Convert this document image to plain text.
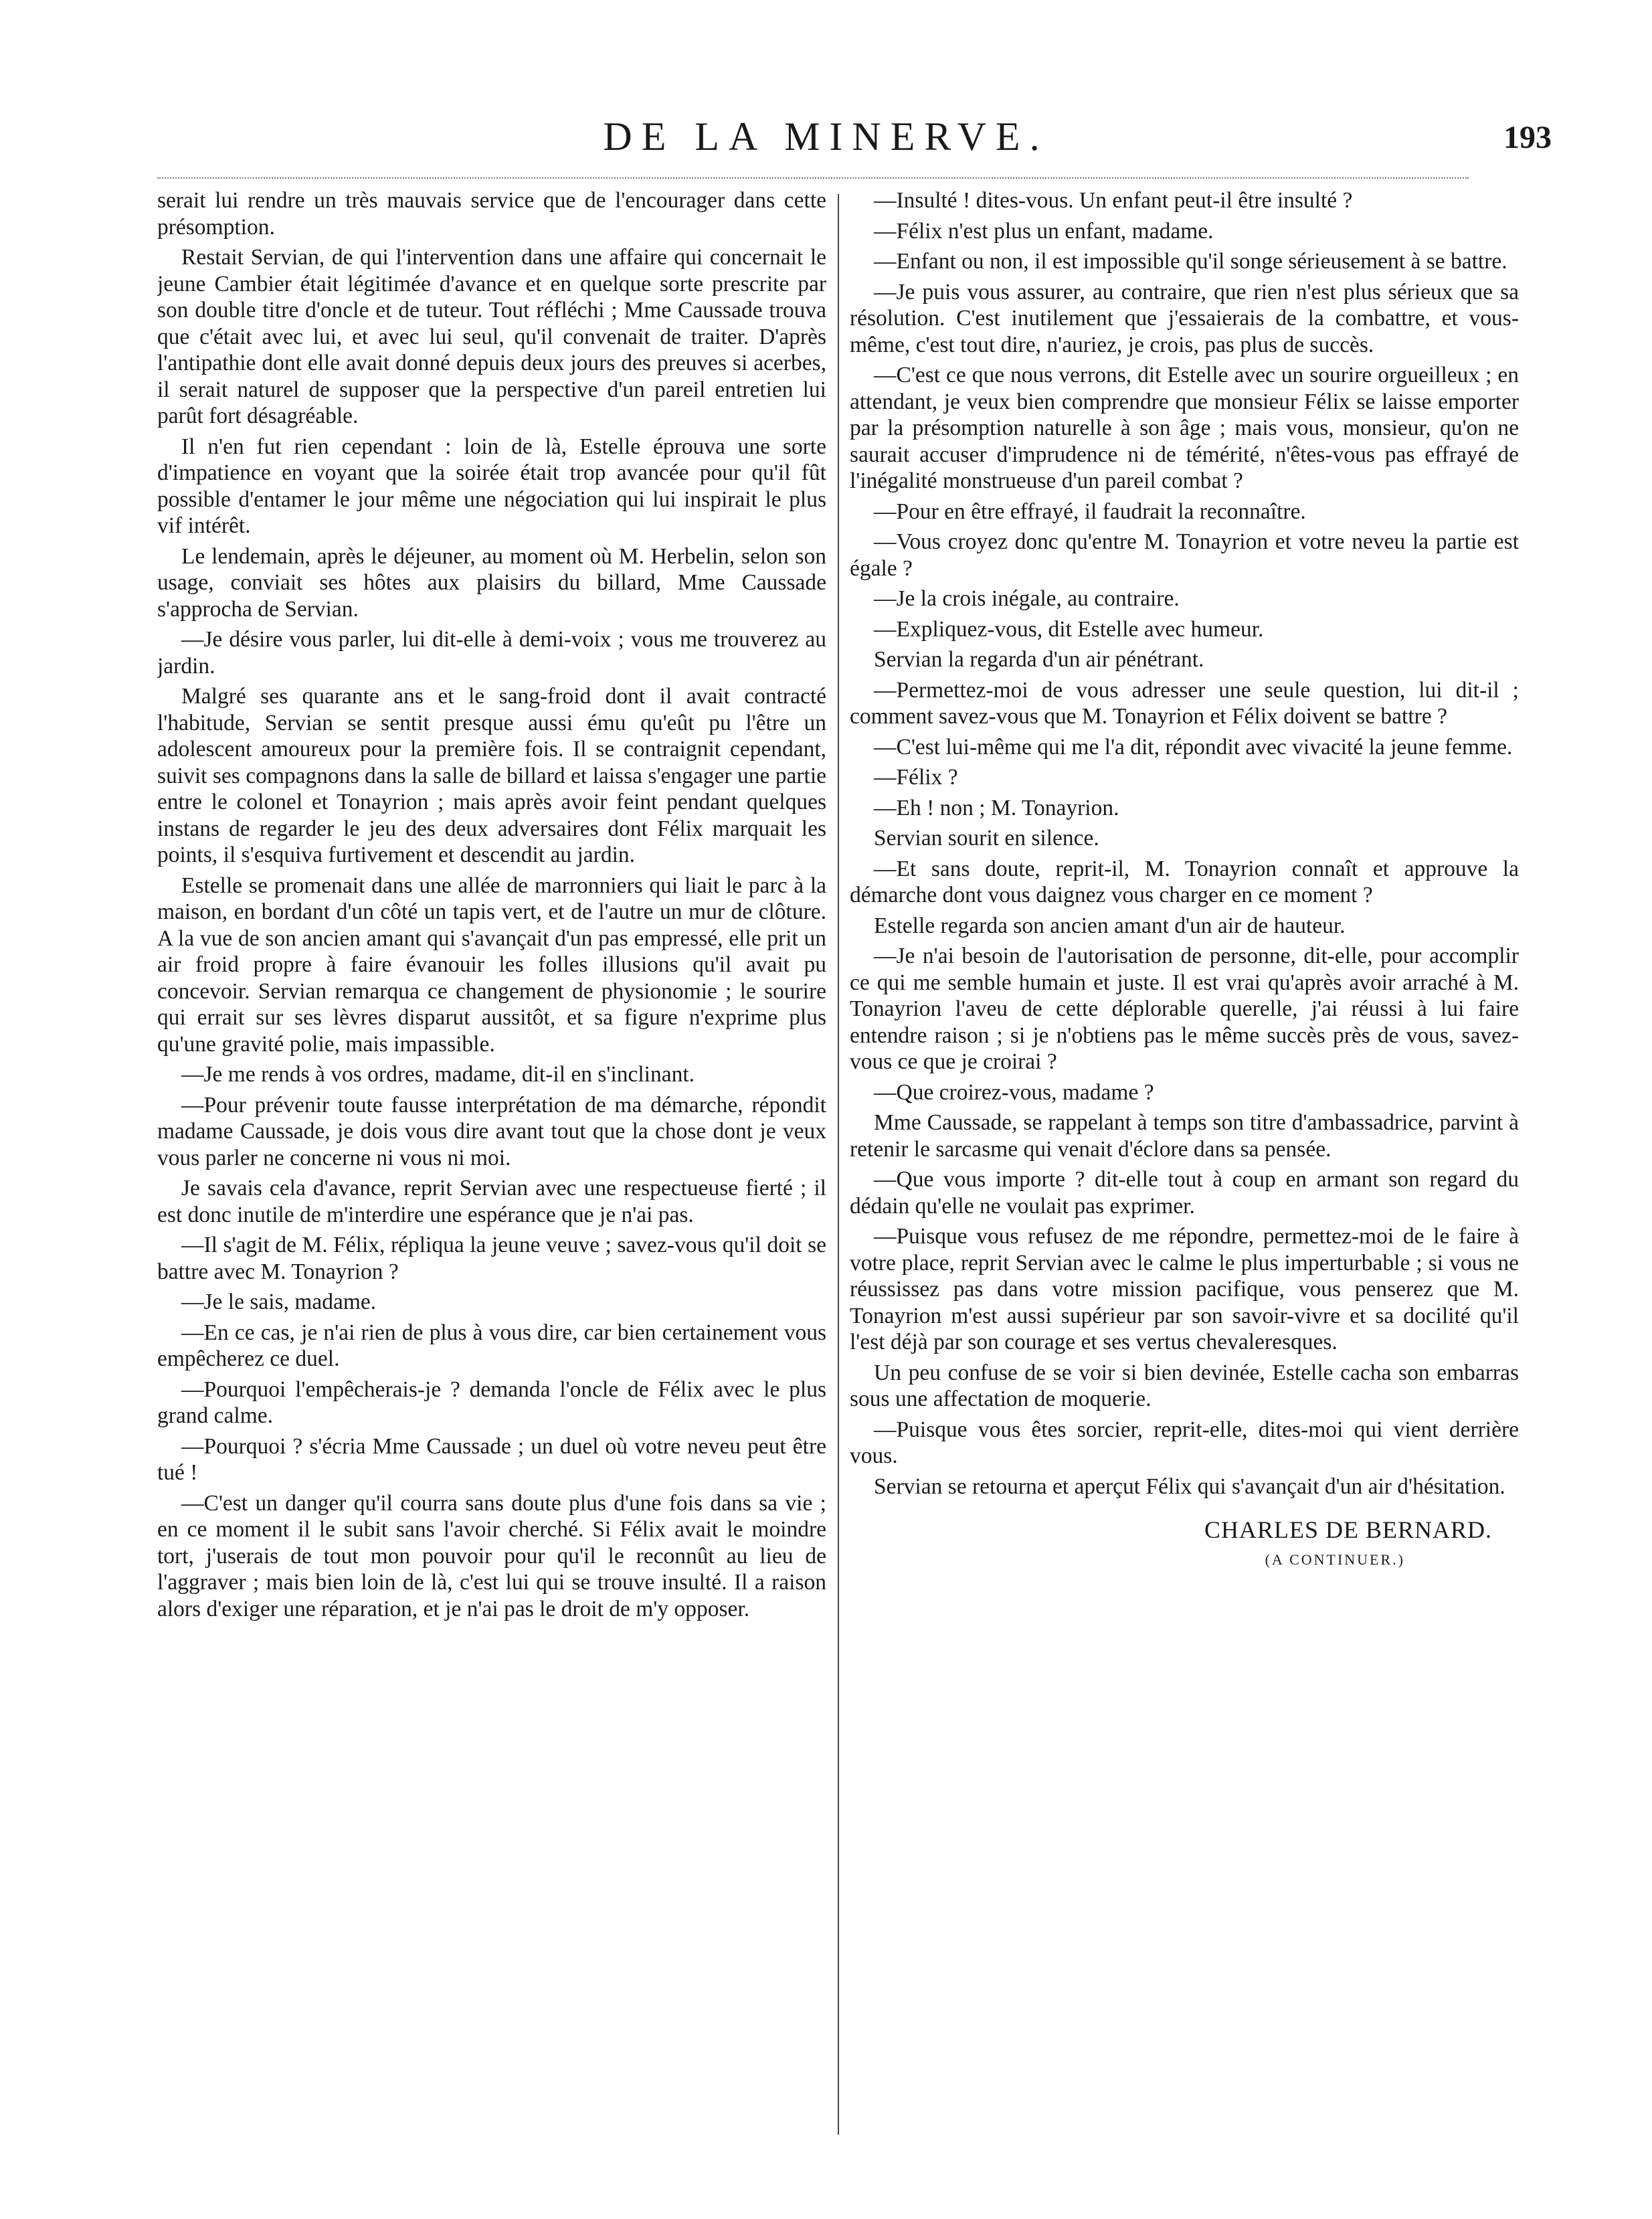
DE LA MINERVE.	193

serait lui rendre un très mauvais service que de l'encourager dans cette présomption.

Restait Servian, de qui l'intervention dans une affaire qui concernait le jeune Cambier était légitimée d'avance et en quelque sorte prescrite par son double titre d'oncle et de tuteur. Tout réfléchi ; Mme Caussade trouva que c'était avec lui, et avec lui seul, qu'il convenait de traiter. D'après l'antipathie dont elle avait donné depuis deux jours des preuves si acerbes, il serait naturel de supposer que la perspective d'un pareil entretien lui parût fort désagréable.

Il n'en fut rien cependant : loin de là, Estelle éprouva une sorte d'impatience en voyant que la soirée était trop avancée pour qu'il fût possible d'entamer le jour même une négociation qui lui inspirait le plus vif intérêt.

Le lendemain, après le déjeuner, au moment où M. Herbelin, selon son usage, conviait ses hôtes aux plaisirs du billard, Mme Caussade s'approcha de Servian.

—Je désire vous parler, lui dit-elle à demi-voix ; vous me trouverez au jardin.

Malgré ses quarante ans et le sang-froid dont il avait contracté l'habitude, Servian se sentit presque aussi ému qu'eût pu l'être un adolescent amoureux pour la première fois. Il se contraignit cependant, suivit ses compagnons dans la salle de billard et laissa s'engager une partie entre le colonel et Tonayrion ; mais après avoir feint pendant quelques instans de regarder le jeu des deux adversaires dont Félix marquait les points, il s'esquiva furtivement et descendit au jardin.

Estelle se promenait dans une allée de marronniers qui liait le parc à la maison, en bordant d'un côté un tapis vert, et de l'autre un mur de clôture. A la vue de son ancien amant qui s'avançait d'un pas empressé, elle prit un air froid propre à faire évanouir les folles illusions qu'il avait pu concevoir. Servian remarqua ce changement de physionomie ; le sourire qui errait sur ses lèvres disparut aussitôt, et sa figure n'exprime plus qu'une gravité polie, mais impassible.

—Je me rends à vos ordres, madame, dit-il en s'inclinant.

—Pour prévenir toute fausse interprétation de ma démarche, répondit madame Caussade, je dois vous dire avant tout que la chose dont je veux vous parler ne concerne ni vous ni moi.

Je savais cela d'avance, reprit Servian avec une respectueuse fierté ; il est donc inutile de m'interdire une espérance que je n'ai pas.

—Il s'agit de M. Félix, répliqua la jeune veuve ; savez-vous qu'il doit se battre avec M. Tonayrion ?

—Je le sais, madame.

—En ce cas, je n'ai rien de plus à vous dire, car bien certainement vous empêcherez ce duel.

—Pourquoi l'empêcherais-je ? demanda l'oncle de Félix avec le plus grand calme.

—Pourquoi ? s'écria Mme Caussade ; un duel où votre neveu peut être tué !

—C'est un danger qu'il courra sans doute plus d'une fois dans sa vie ; en ce moment il le subit sans l'avoir cherché. Si Félix avait le moindre tort, j'userais de tout mon pouvoir pour qu'il le reconnût au lieu de l'aggraver ; mais bien loin de là, c'est lui qui se trouve insulté. Il a raison alors d'exiger une réparation, et je n'ai pas le droit de m'y opposer.

—Insulté ! dites-vous. Un enfant peut-il être insulté ?

—Félix n'est plus un enfant, madame.

—Enfant ou non, il est impossible qu'il songe sérieusement à se battre.

—Je puis vous assurer, au contraire, que rien n'est plus sérieux que sa résolution. C'est inutilement que j'essaierais de la combattre, et vous-même, c'est tout dire, n'auriez, je crois, pas plus de succès.

—C'est ce que nous verrons, dit Estelle avec un sourire orgueilleux ; en attendant, je veux bien comprendre que monsieur Félix se laisse emporter par la présomption naturelle à son âge ; mais vous, monsieur, qu'on ne saurait accuser d'imprudence ni de témérité, n'êtes-vous pas effrayé de l'inégalité monstrueuse d'un pareil combat ?

—Pour en être effrayé, il faudrait la reconnaître.

—Vous croyez donc qu'entre M. Tonayrion et votre neveu la partie est égale ?

—Je la crois inégale, au contraire.

—Expliquez-vous, dit Estelle avec humeur.

Servian la regarda d'un air pénétrant.

—Permettez-moi de vous adresser une seule question, lui dit-il ; comment savez-vous que M. Tonayrion et Félix doivent se battre ?

—C'est lui-même qui me l'a dit, répondit avec vivacité la jeune femme.

—Félix ?

—Eh ! non ; M. Tonayrion.

Servian sourit en silence.

—Et sans doute, reprit-il, M. Tonayrion connaît et approuve la démarche dont vous daignez vous charger en ce moment ?

Estelle regarda son ancien amant d'un air de hauteur.

—Je n'ai besoin de l'autorisation de personne, dit-elle, pour accomplir ce qui me semble humain et juste. Il est vrai qu'après avoir arraché à M. Tonayrion l'aveu de cette déplorable querelle, j'ai réussi à lui faire entendre raison ; si je n'obtiens pas le même succès près de vous, savez-vous ce que je croirai ?

—Que croirez-vous, madame ?

Mme Caussade, se rappelant à temps son titre d'ambassadrice, parvint à retenir le sarcasme qui venait d'éclore dans sa pensée.

—Que vous importe ? dit-elle tout à coup en armant son regard du dédain qu'elle ne voulait pas exprimer.

—Puisque vous refusez de me répondre, permettez-moi de le faire à votre place, reprit Servian avec le calme le plus imperturbable ; si vous ne réussissez pas dans votre mission pacifique, vous penserez que M. Tonayrion m'est aussi supérieur par son savoir-vivre et sa docilité qu'il l'est déjà par son courage et ses vertus chevaleresques.

Un peu confuse de se voir si bien devinée, Estelle cacha son embarras sous une affectation de moquerie.

—Puisque vous êtes sorcier, reprit-elle, dites-moi qui vient derrière vous.

Servian se retourna et aperçut Félix qui s'avançait d'un air d'hésitation.

CHARLES DE BERNARD.
(A CONTINUER.)
